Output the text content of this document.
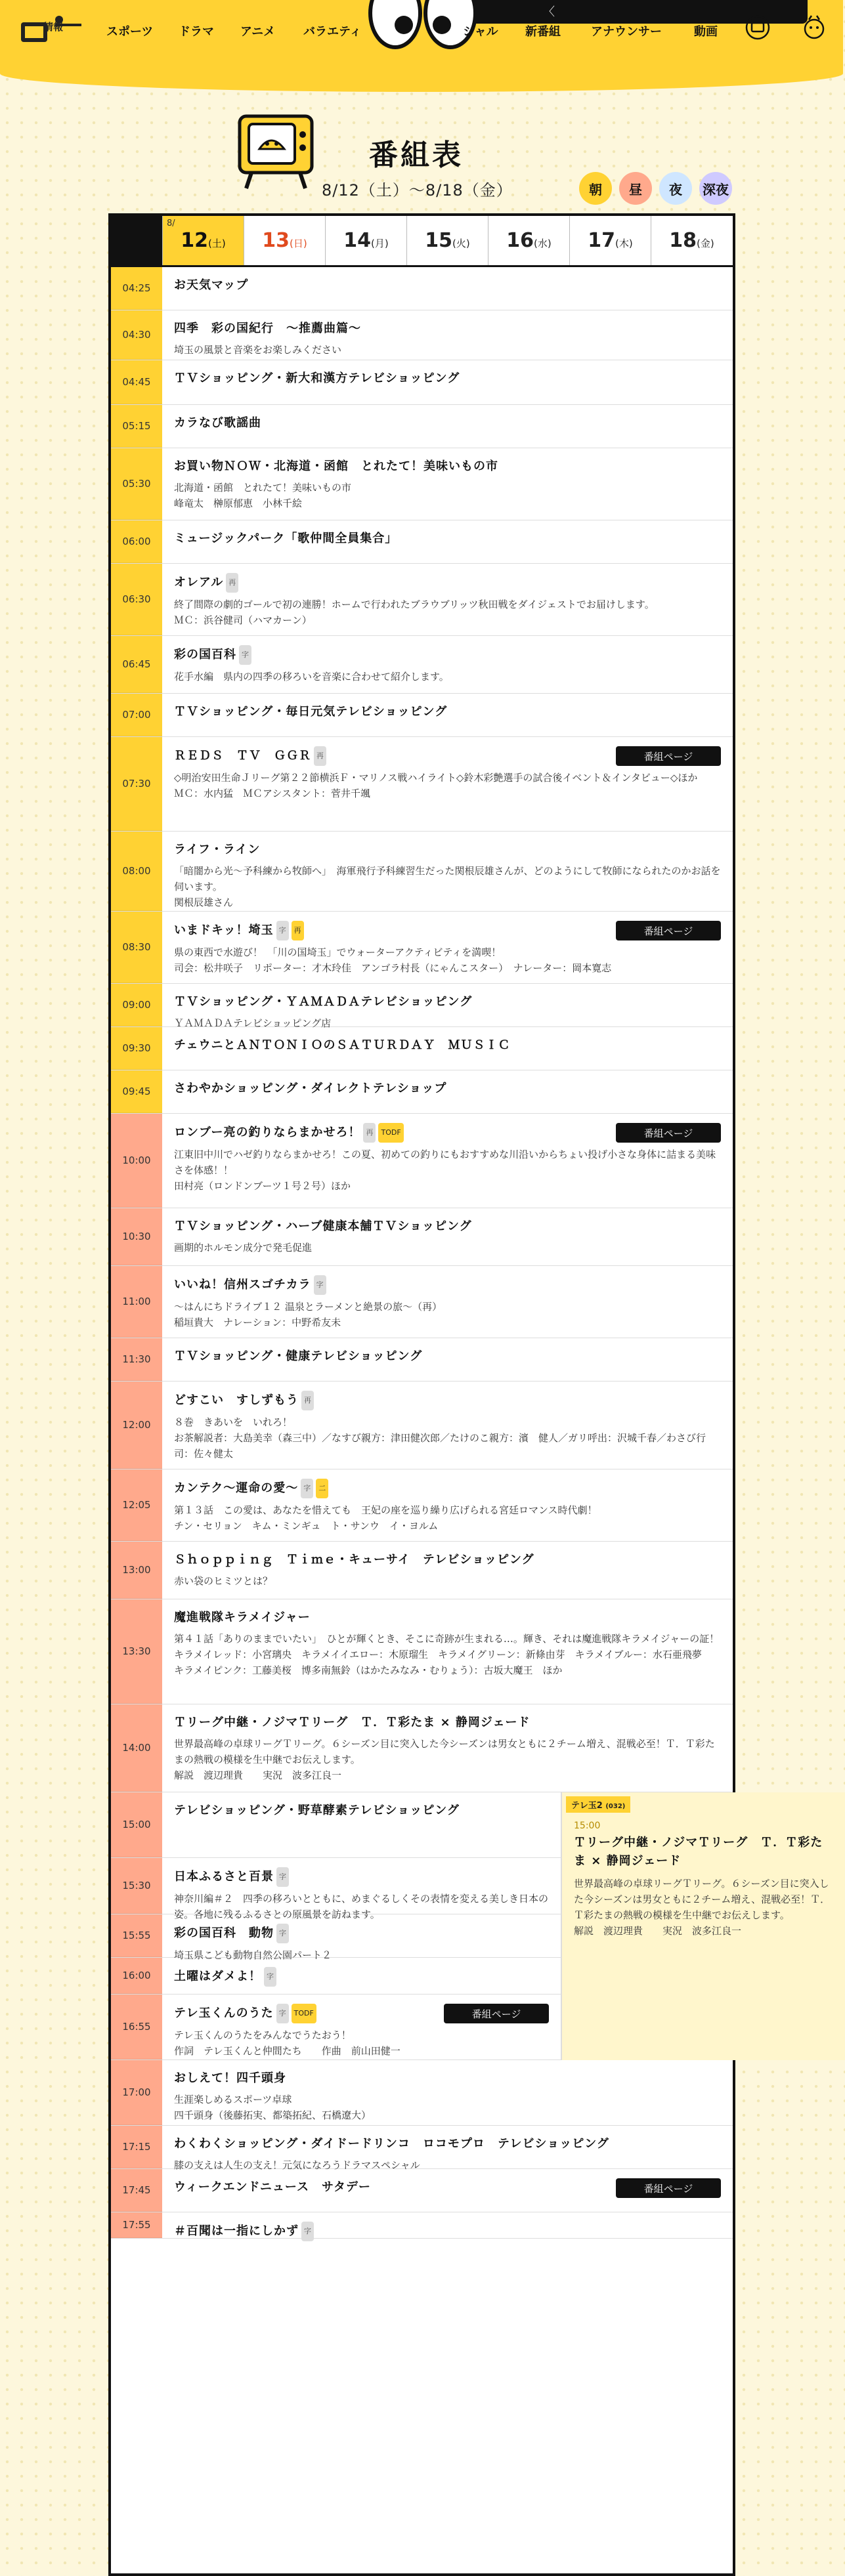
情報	スポーツ ドラマ アニメ バラエティ
〈
シャル 新番組	アナウンサー	動画
番組表
8/12（土）〜8/18（金）	朝	昼	夜	深夜
8/
12(土)	13(日)	14(月)	15(火)	16(水)	17(木)	18(金)
04:25	お天気マップ
04:30	四季　彩の国紀行　〜推薦曲篇〜
埼玉の風景と音楽をお楽しみください
04:45	ＴＶショッピング・新大和漢方テレビショッピング
05:15	カラなび歌謡曲
05:30
お買い物ＮＯＷ・北海道・函館　とれたて！美味いもの市
北海道・函館　とれたて！美味いもの市
峰竜太　榊原郁恵　小林千絵
06:00	ミュージックパーク「歌仲間全員集合」
06:30
オレアル 再
終了間際の劇的ゴールで初の連勝！ホームで行われたブラウブリッツ秋田戦をダイジェストでお届けします。
ＭＣ：浜谷健司（ハマカーン）
06:45
彩の国百科 字
花手水編　県内の四季の移ろいを音楽に合わせて紹介します。
07:00	ＴＶショッピング・毎日元気テレビショッピング
07:30
ＲＥＤＳ　ＴＶ　ＧＧＲ 再
◇明治安田生命Ｊリーグ第２２節横浜Ｆ・マリノス戦ハイライト◇鈴木彩艶選手の試合後イベント＆インタビュー◇ほか
ＭＣ：水内猛　ＭＣアシスタント：菅井千颯
番組ページ
08:00
ライフ・ライン
「暗闇から光〜予科練から牧師へ」　海軍飛行予科練習生だった関根辰雄さんが、どのようにして牧師になられたのかお話を伺います。
関根辰雄さん
08:30
いまドキッ！埼玉 字 再
県の東西で水遊び！　「川の国埼玉」でウォーターアクティビティを満喫！
司会：松井咲子　リポーター：才木玲佳　アンゴラ村長（にゃんこスター）　ナレーター：岡本寛志
番組ページ
09:00	ＴＶショッピング・ＹＡＭＡＤＡテレビショッピング
ＹＡＭＡＤＡテレビショッピング店
09:30	チェウニとＡＮＴＯＮＩＯのＳＡＴＵＲＤＡＹ　ＭＵＳＩＣ
09:45	さわやかショッピング・ダイレクトテレショップ
10:00
ロンブー亮の釣りならまかせろ！ 再 TODF
江東旧中川でハゼ釣りならまかせろ！この夏、初めての釣りにもおすすめな川沿いからちょい投げ小さな身体に詰まる美味さを体感！！
田村亮（ロンドンブーツ１号２号）ほか
番組ページ
10:30
ＴＶショッピング・ハーブ健康本舗ＴＶショッピング
画期的ホルモン成分で発毛促進
11:00
いいね！信州スゴチカラ 字
〜はんにちドライブ１２ 温泉とラーメンと絶景の旅〜（再）
稲垣貴大　ナレーション：中野希友未
11:30	ＴＶショッピング・健康テレビショッピング
12:00
どすこい　すしずもう 再
８巻　きあいを　いれろ！
お茶解説者：大島美幸（森三中）／なすび親方：津田健次郎／たけのこ親方：濱　健人／ガリ呼出：沢城千春／わさび行司：佐々健太
12:05
カンテク〜運命の愛〜 字 二
第１３話　この愛は、あなたを惜えても　王妃の座を巡り繰り広げられる宮廷ロマンス時代劇！
チン・セリョン　キム・ミンギュ　ト・サンウ　イ・ヨルム
13:00
Ｓｈｏｐｐｉｎｇ　Ｔｉｍｅ・キューサイ　テレビショッピング
赤い袋のヒミツとは？
13:30
魔進戦隊キラメイジャー
第４１話「ありのままでいたい」　ひとが輝くとき、そこに奇跡が生まれる…。輝き、それは魔進戦隊キラメイジャーの証！
キラメイレッド：小宮璃央　キラメイイエロー：木原瑠生　キラメイグリーン：新條由芽　キラメイブルー：水石亜飛夢　キラメイピンク：工藤美桜　博多南無鈴（はかたみなみ・むりょう）：古坂大魔王　ほか
14:00
Ｔリーグ中継・ノジマＴリーグ　Ｔ．Ｔ彩たま × 静岡ジェード
世界最高峰の卓球リーグＴリーグ。６シーズン目に突入した今シーズンは男女ともに２チーム増え、混戦必至！Ｔ．Ｔ彩たまの熱戦の模様を生中継でお伝えします。
解説　渡辺理貴　　実況　波多江良一
15:00
テレビショッピング・野草酵素テレビショッピング
15:30
日本ふるさと百景 字
神奈川編＃２　四季の移ろいとともに、めまぐるしくその表情を変える美しき日本の姿。各地に残るふるさとの原風景を訪ねます。
15:55	彩の国百科　動物 字
埼玉県こども動物自然公園パート２
16:00	土曜はダメよ！ 字
16:55
テレ玉くんのうた 字 TODF
テレ玉くんのうたをみんなでうたおう！
作詞　テレ玉くんと仲間たち　　作曲　前山田健一
番組ページ
17:00
おしえて！四千頭身
生涯楽しめるスポーツ卓球
四千頭身（後藤拓実、都築拓紀、石橋遼大）
17:15	わくわくショッピング・ダイドードリンコ　ロコモプロ　テレビショッピング
膝の支えは人生の支え！元気になろうドラマスペシャル
17:45	ウィークエンドニュース　サタデー	番組ページ
17:55	＃百聞は一指にしかず 字
テレ玉2 (032)
15:00
Ｔリーグ中継・ノジマＴリーグ　Ｔ．Ｔ彩たま × 静岡ジェード
世界最高峰の卓球リーグＴリーグ。６シーズン目に突入した今シーズンは男女ともに２チーム増え、混戦必至！Ｔ．Ｔ彩たまの熱戦の模様を生中継でお伝えします。
解説　渡辺理貴　　実況　波多江良一
